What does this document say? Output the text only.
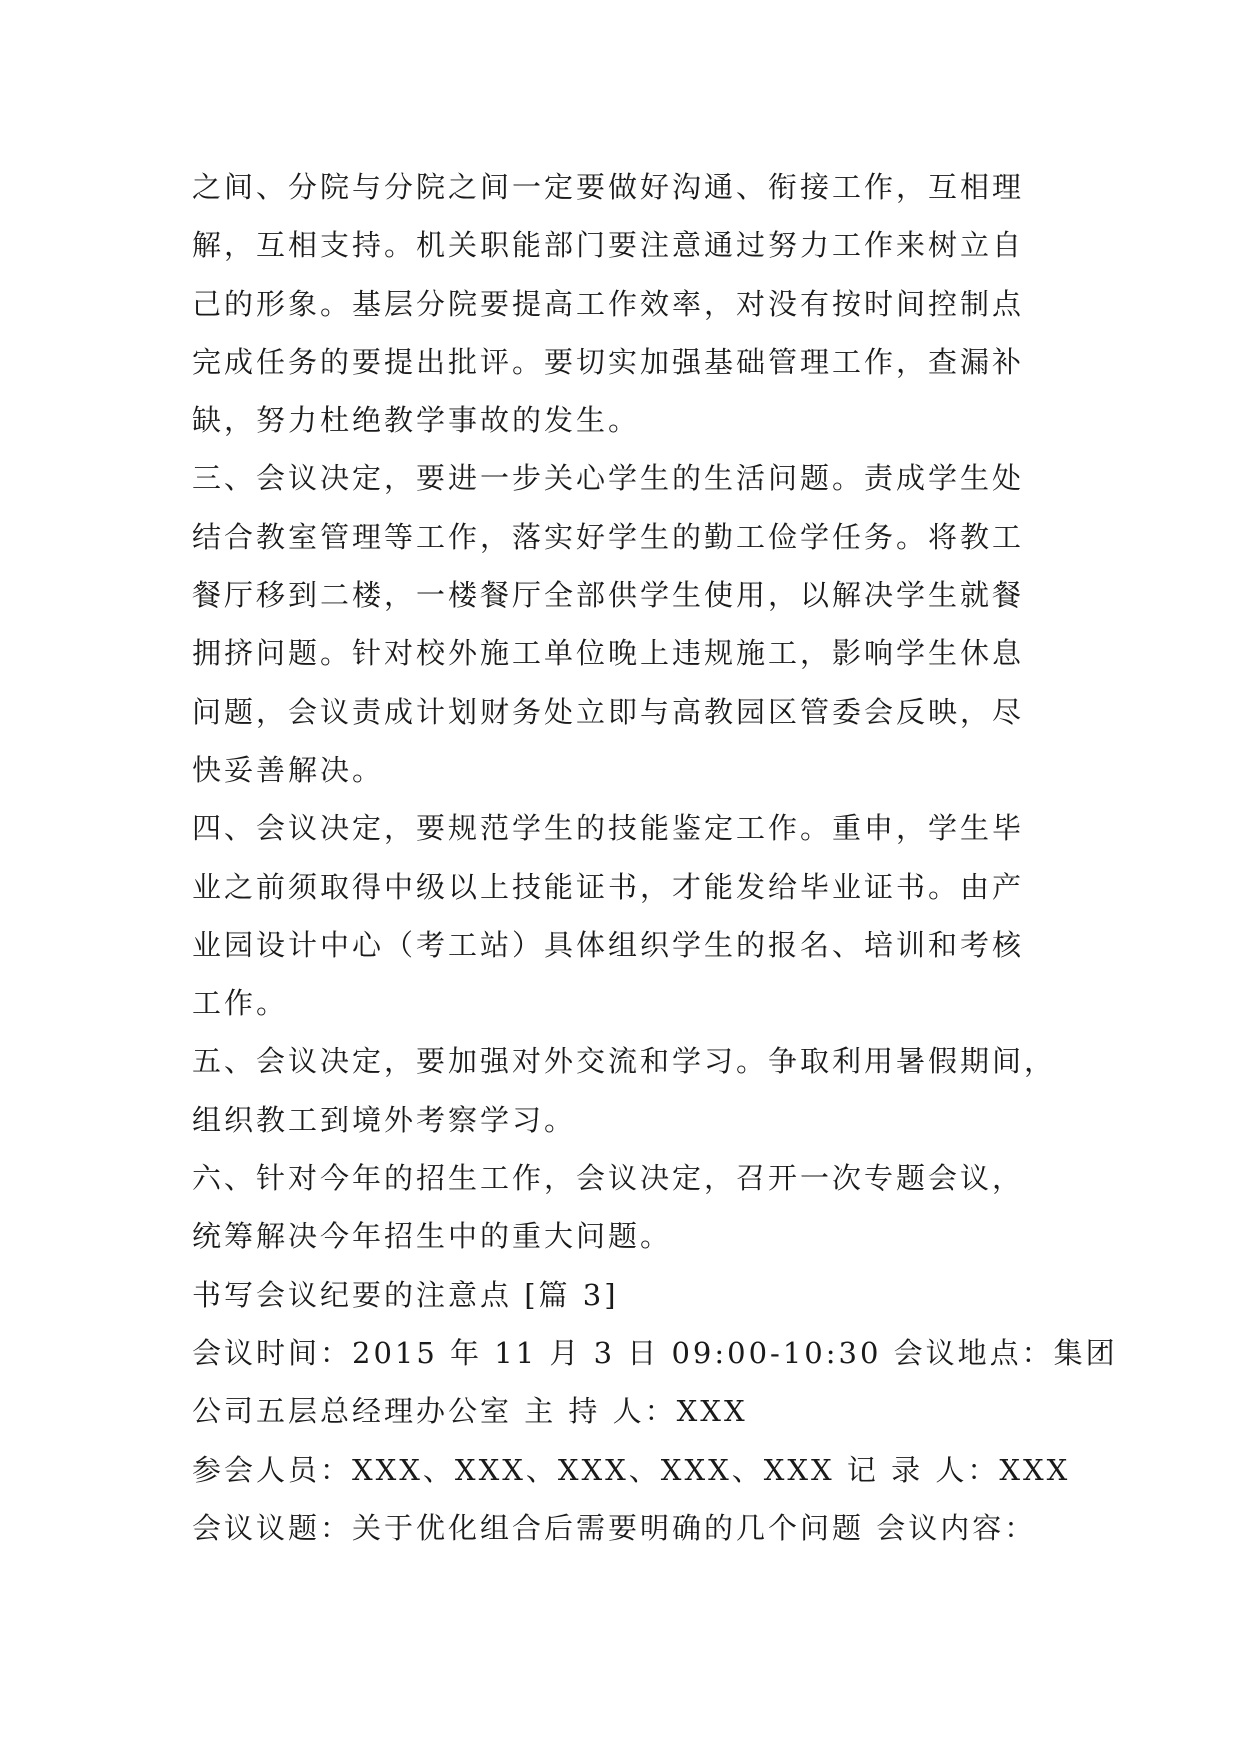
之间、分院与分院之间一定要做好沟通、衔接工作，互相理
解，互相支持。机关职能部门要注意通过努力工作来树立自
己的形象。基层分院要提高工作效率，对没有按时间控制点
完成任务的要提出批评。要切实加强基础管理工作，查漏补
缺，努力杜绝教学事故的发生。
三、会议决定，要进一步关心学生的生活问题。责成学生处
结合教室管理等工作，落实好学生的勤工俭学任务。将教工
餐厅移到二楼，一楼餐厅全部供学生使用，以解决学生就餐
拥挤问题。针对校外施工单位晚上违规施工，影响学生休息
问题，会议责成计划财务处立即与高教园区管委会反映，尽
快妥善解决。
四、会议决定，要规范学生的技能鉴定工作。重申，学生毕
业之前须取得中级以上技能证书，才能发给毕业证书。由产
业园设计中心（考工站）具体组织学生的报名、培训和考核
工作。
五、会议决定，要加强对外交流和学习。争取利用暑假期间，
组织教工到境外考察学习。
六、针对今年的招生工作，会议决定，召开一次专题会议，
统筹解决今年招生中的重大问题。
书写会议纪要的注意点 [篇 3]
会议时间：2015 年 11 月 3 日 09:00-10:30 会议地点：集团
公司五层总经理办公室 主 持 人：XXX
参会人员：XXX、XXX、XXX、XXX、XXX 记 录 人：XXX
会议议题：关于优化组合后需要明确的几个问题 会议内容：
